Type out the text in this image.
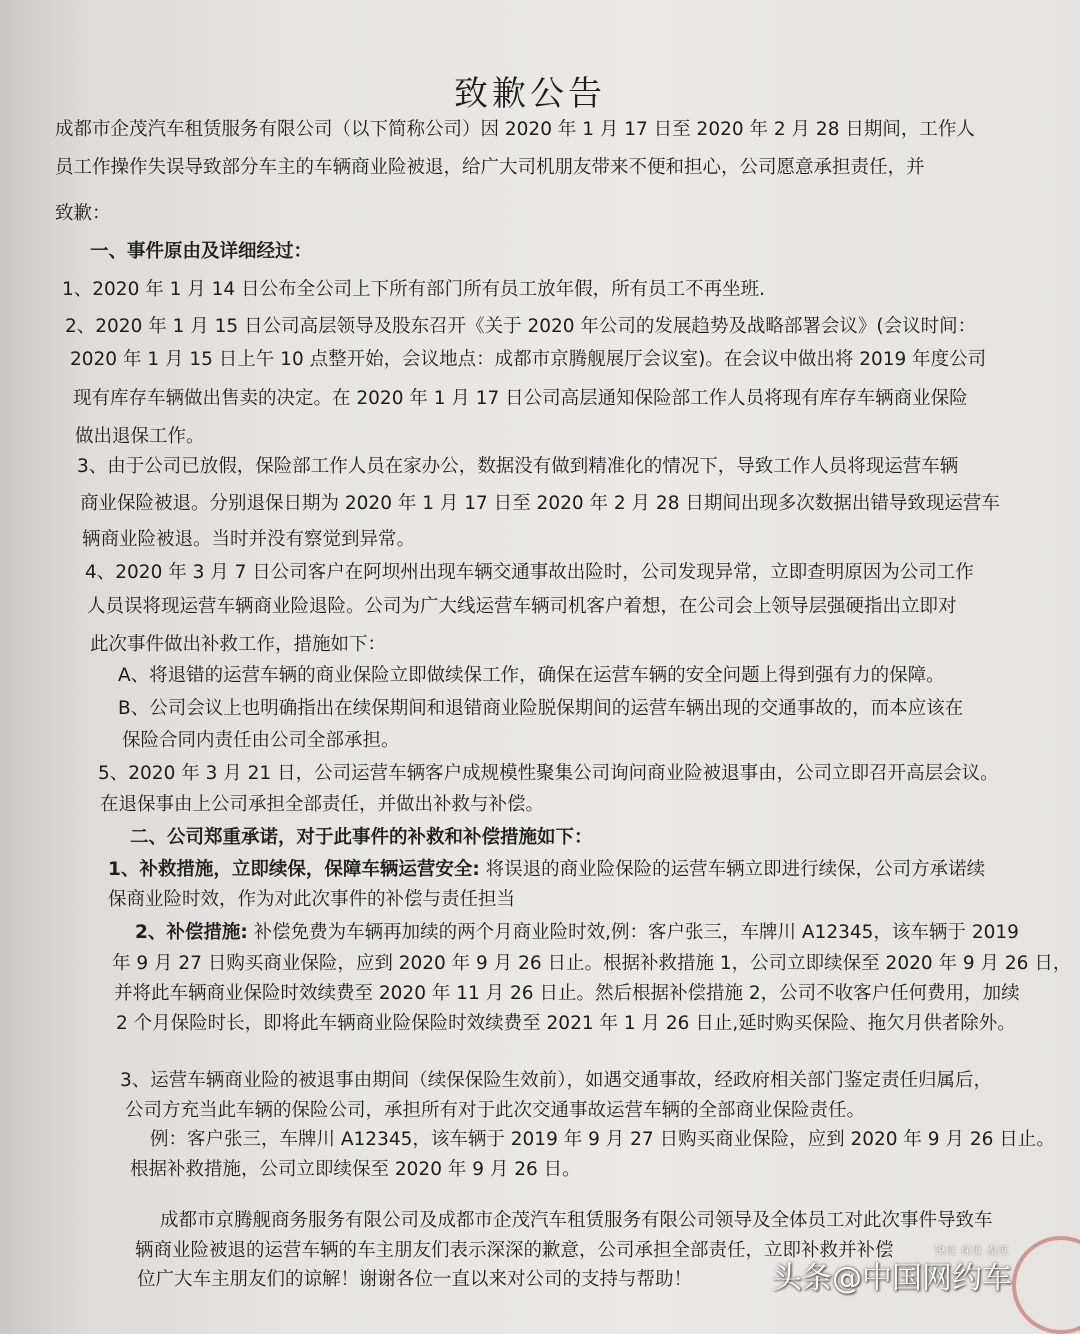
致歉公告
成都市企茂汽车租赁服务有限公司（以下简称公司）因 2020 年 1 月 17 日至 2020 年 2 月 28 日期间，工作人
员工作操作失误导致部分车主的车辆商业险被退，给广大司机朋友带来不便和担心，公司愿意承担责任，并
致歉：
一、事件原由及详细经过：
1、2020 年 1 月 14 日公布全公司上下所有部门所有员工放年假，所有员工不再坐班.
2、2020 年 1 月 15 日公司高层领导及股东召开《关于 2020 年公司的发展趋势及战略部署会议》(会议时间：
2020 年 1 月 15 日上午 10 点整开始，会议地点：成都市京腾舰展厅会议室)。在会议中做出将 2019 年度公司
现有库存车辆做出售卖的决定。在 2020 年 1 月 17 日公司高层通知保险部工作人员将现有库存车辆商业保险
做出退保工作。
3、由于公司已放假，保险部工作人员在家办公，数据没有做到精准化的情况下，导致工作人员将现运营车辆
商业保险被退。分别退保日期为 2020 年 1 月 17 日至 2020 年 2 月 28 日期间出现多次数据出错导致现运营车
辆商业险被退。当时并没有察觉到异常。
4、2020 年 3 月 7 日公司客户在阿坝州出现车辆交通事故出险时，公司发现异常，立即查明原因为公司工作
人员误将现运营车辆商业险退险。公司为广大线运营车辆司机客户着想，在公司会上领导层强硬指出立即对
此次事件做出补救工作，措施如下：
A、将退错的运营车辆的商业保险立即做续保工作，确保在运营车辆的安全问题上得到强有力的保障。
B、公司会议上也明确指出在续保期间和退错商业险脱保期间的运营车辆出现的交通事故的，而本应该在
保险合同内责任由公司全部承担。
5、2020 年 3 月 21 日，公司运营车辆客户成规模性聚集公司询问商业险被退事由，公司立即召开高层会议。
在退保事由上公司承担全部责任，并做出补救与补偿。
二、公司郑重承诺，对于此事件的补救和补偿措施如下：
1、补救措施，立即续保，保障车辆运营安全: 将误退的商业险保险的运营车辆立即进行续保，公司方承诺续
保商业险时效，作为对此次事件的补偿与责任担当
2、补偿措施: 补偿免费为车辆再加续的两个月商业险时效,例：客户张三，车牌川 A12345，该车辆于 2019
年 9 月 27 日购买商业保险，应到 2020 年 9 月 26 日止。根据补救措施 1，公司立即续保至 2020 年 9 月 26 日，
并将此车辆商业保险时效续费至 2020 年 11 月 26 日止。然后根据补偿措施 2，公司不收客户任何费用，加续
2 个月保险时长，即将此车辆商业险保险时效续费至 2021 年 1 月 26 日止,延时购买保险、拖欠月供者除外。
3、运营车辆商业险的被退事由期间（续保保险生效前），如遇交通事故，经政府相关部门鉴定责任归属后，
公司方充当此车辆的保险公司，承担所有对于此次交通事故运营车辆的全部商业保险责任。
例：客户张三，车牌川 A12345，该车辆于 2019 年 9 月 27 日购买商业保险，应到 2020 年 9 月 26 日止。
根据补救措施，公司立即续保至 2020 年 9 月 26 日。
成都市京腾舰商务服务有限公司及成都市企茂汽车租赁服务有限公司领导及全体员工对此次事件导致车
辆商业险被退的运营车辆的车主朋友们表示深深的歉意，公司承担全部责任，立即补救并补偿
位广大车主朋友们的谅解！谢谢各位一直以来对公司的支持与帮助！
锐度 深度 温度
头条@中国网约车
